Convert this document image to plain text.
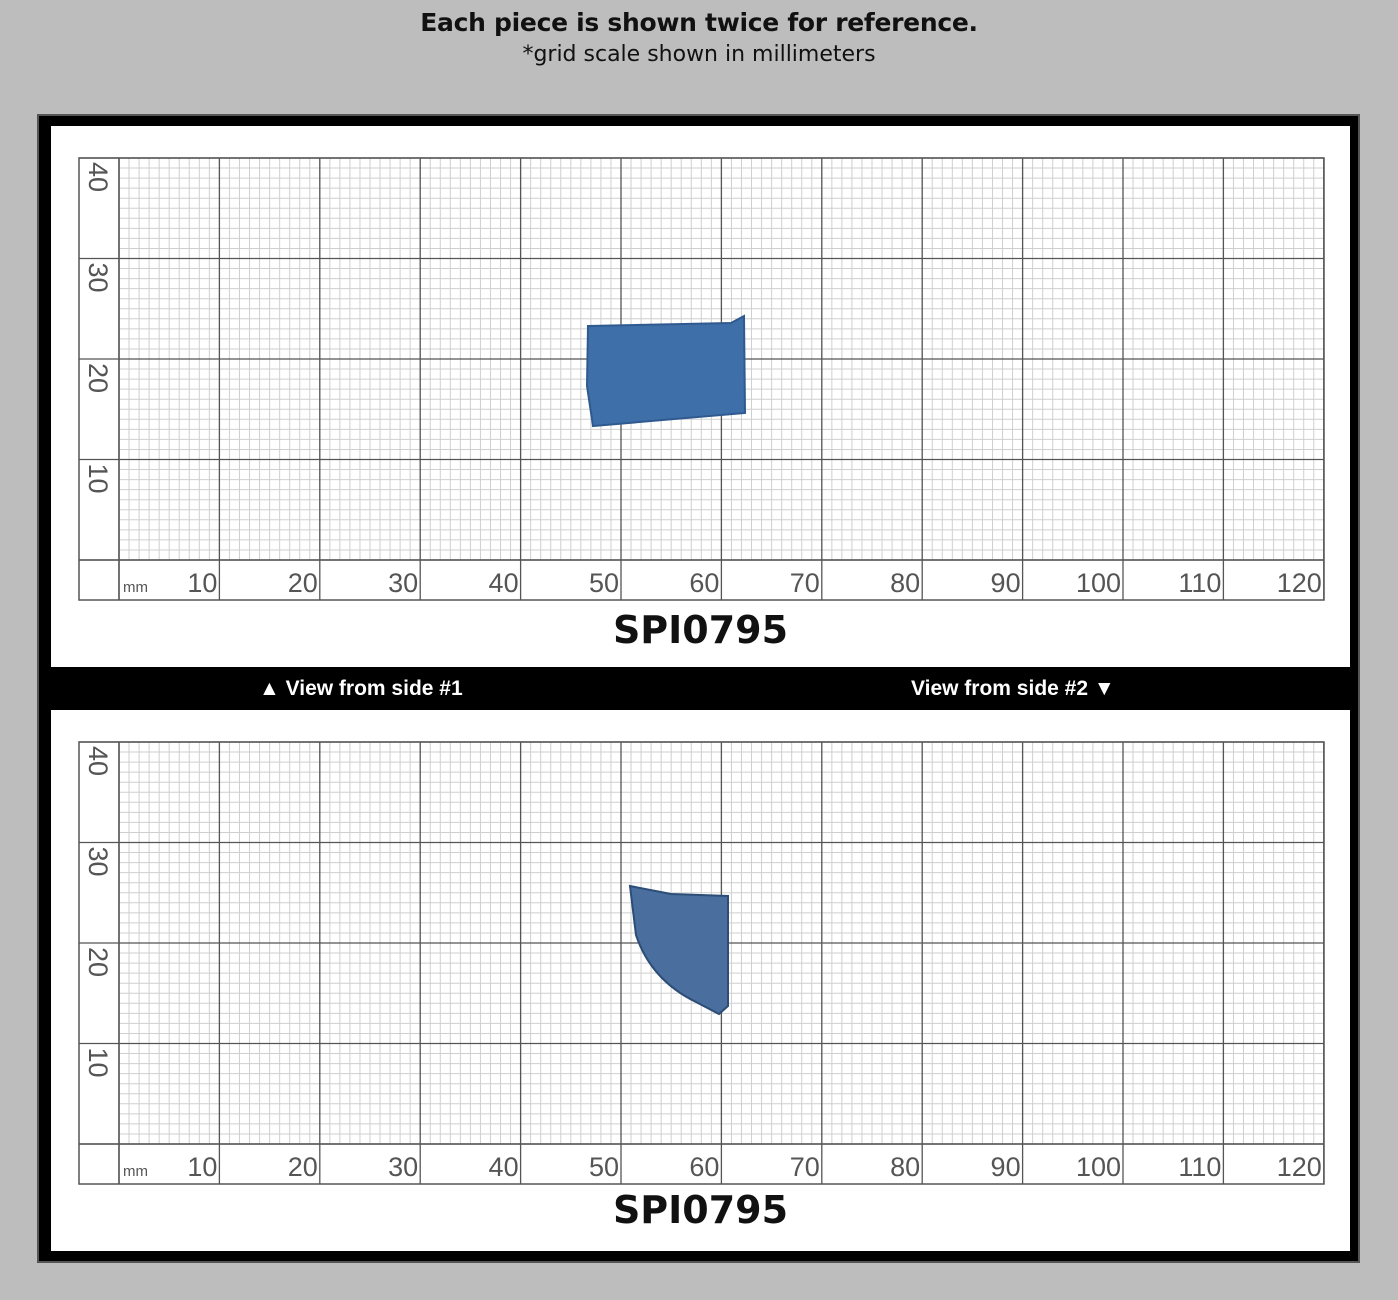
Each piece is shown twice for reference.
*grid scale shown in millimeters
mm 10	20	30	40	50	60	70	80	90 100 110 120
40
30
20
10
SPI0795
▲ View from side #1	View from side #2 ▼
mm 10	20	30	40	50	60	70	80	90 100 110 120
40
30
20
10
SPI0795
